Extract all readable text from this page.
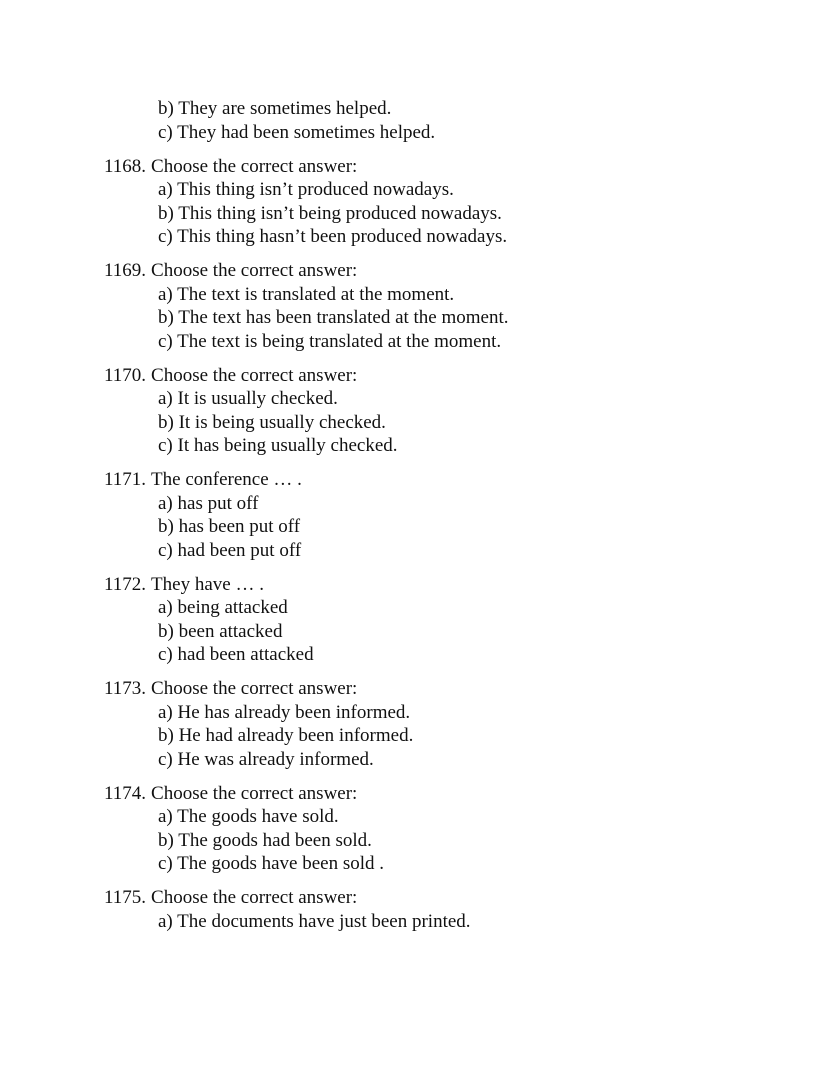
b) They are sometimes helped.
c) They had been sometimes helped.
1168. Choose the correct answer:
a) This thing isn’t produced nowadays.
b) This thing isn’t being produced nowadays.
c) This thing hasn’t been produced nowadays.
1169. Choose the correct answer:
a) The text is translated at the moment.
b) The text has been translated at the moment.
c) The text is being translated at the moment.
1170. Choose the correct answer:
a) It is usually checked.
b) It is being usually checked.
c) It has being usually checked.
1171. The conference … .
a) has put off
b) has been put off
c) had been put off
1172. They have … .
a) being attacked
b) been attacked
c) had been attacked
1173. Choose the correct answer:
a) He has already been informed.
b) He had already been informed.
c) He was already informed.
1174. Choose the correct answer:
a) The goods have sold.
b) The goods had been sold.
c) The goods have been sold .
1175. Choose the correct answer:
a) The documents have just been printed.
